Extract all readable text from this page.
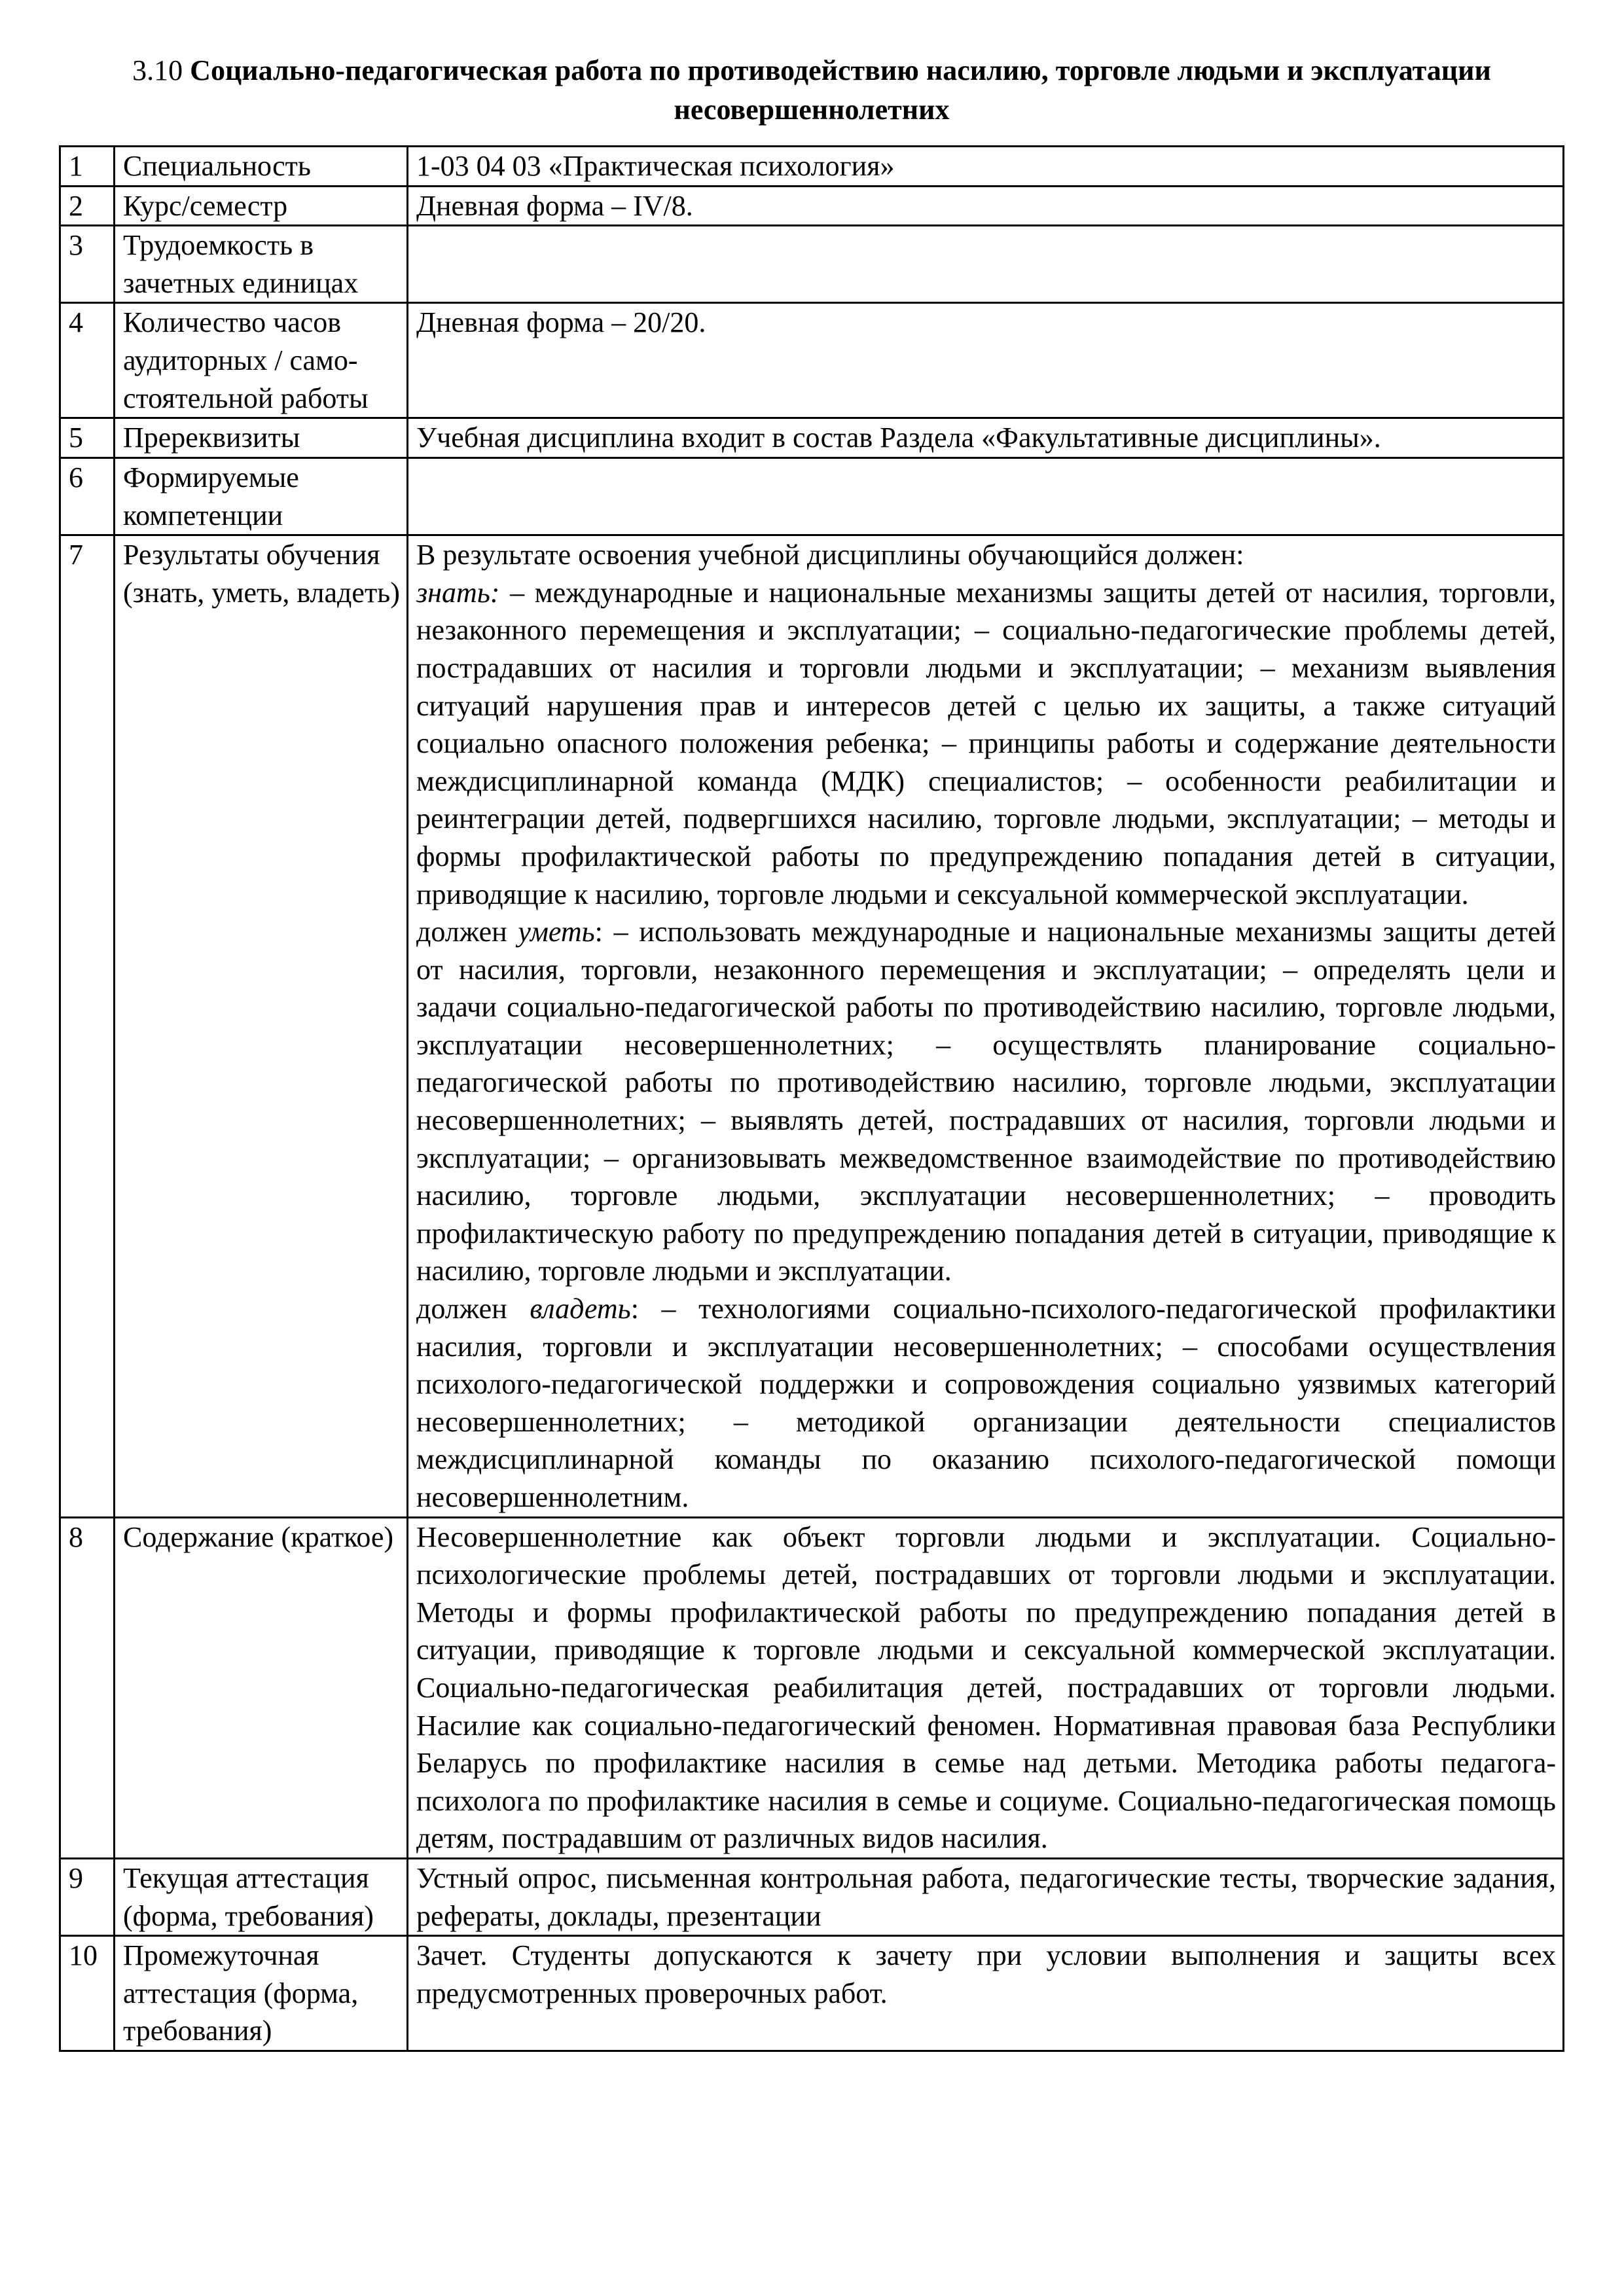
3.10 Социально-педагогическая работа по противодействию насилию, торговле людьми и эксплуатации несовершеннолетних
1	Специальность	1-03 04 03 «Практическая психология»
2	Курс/семестр	Дневная форма – IV/8.
3	Трудоемкость в зачетных единицах	
4	Количество часов аудиторных / само-стоятельной работы	Дневная форма – 20/20.
5	Пререквизиты	Учебная дисциплина входит в состав Раздела «Факультативные дисциплины».
6	Формируемые компетенции	
7	Результаты обучения (знать, уметь, владеть)	В результате освоения учебной дисциплины обучающийся должен:
знать: – международные и национальные механизмы защиты детей от насилия, торговли, незаконного перемещения и эксплуатации; – социально-педагогические проблемы детей, пострадавших от насилия и торговли людьми и эксплуатации; – механизм выявления ситуаций нарушения прав и интересов детей с целью их защиты, а также ситуаций социально опасного положения ребенка; – принципы работы и содержание деятельности междисциплинарной команда (МДК) специалистов; – особенности реабилитации и реинтеграции детей, подвергшихся насилию, торговле людьми, эксплуатации; – методы и формы профилактической работы по предупреждению попадания детей в ситуации, приводящие к насилию, торговле людьми и сексуальной коммерческой эксплуатации.
должен уметь: – использовать международные и национальные механизмы защиты детей от насилия, торговли, незаконного перемещения и эксплуатации; – определять цели и задачи социально-педагогической работы по противодействию насилию, торговле людьми, эксплуатации несовершеннолетних; – осуществлять планирование социально-педагогической работы по противодействию насилию, торговле людьми, эксплуатации несовершеннолетних; – выявлять детей, пострадавших от насилия, торговли людьми и эксплуатации; – организовывать межведомственное взаимодействие по противодействию насилию, торговле людьми, эксплуатации несовершеннолетних; – проводить профилактическую работу по предупреждению попадания детей в ситуации, приводящие к насилию, торговле людьми и эксплуатации.
должен владеть: – технологиями социально-психолого-педагогической профилактики насилия, торговли и эксплуатации несовершеннолетних; – способами осуществления психолого-педагогической поддержки и сопровождения социально уязвимых категорий несовершеннолетних; – методикой организации деятельности специалистов междисциплинарной команды по оказанию психолого-педагогической помощи несовершеннолетним.

8	Содержание (краткое)	Несовершеннолетние как объект торговли людьми и эксплуатации. Социально-психологические проблемы детей, пострадавших от торговли людьми и эксплуатации. Методы и формы профилактической работы по предупреждению попадания детей в ситуации, приводящие к торговле людьми и сексуальной коммерческой эксплуатации. Социально-педагогическая реабилитация детей, пострадавших от торговли людьми. Насилие как социально-педагогический феномен. Нормативная правовая база Республики Беларусь по профилактике насилия в семье над детьми. Методика работы педагога-психолога по профилактике насилия в семье и социуме. Социально-педагогическая помощь детям, пострадавшим от различных видов насилия.
9	Текущая аттестация (форма, требования)	Устный опрос, письменная контрольная работа, педагогические тесты, творческие задания, рефераты, доклады, презентации
10	Промежуточная аттестация (форма, требования)	Зачет. Студенты допускаются к зачету при условии выполнения и защиты всех предусмотренных проверочных работ.
